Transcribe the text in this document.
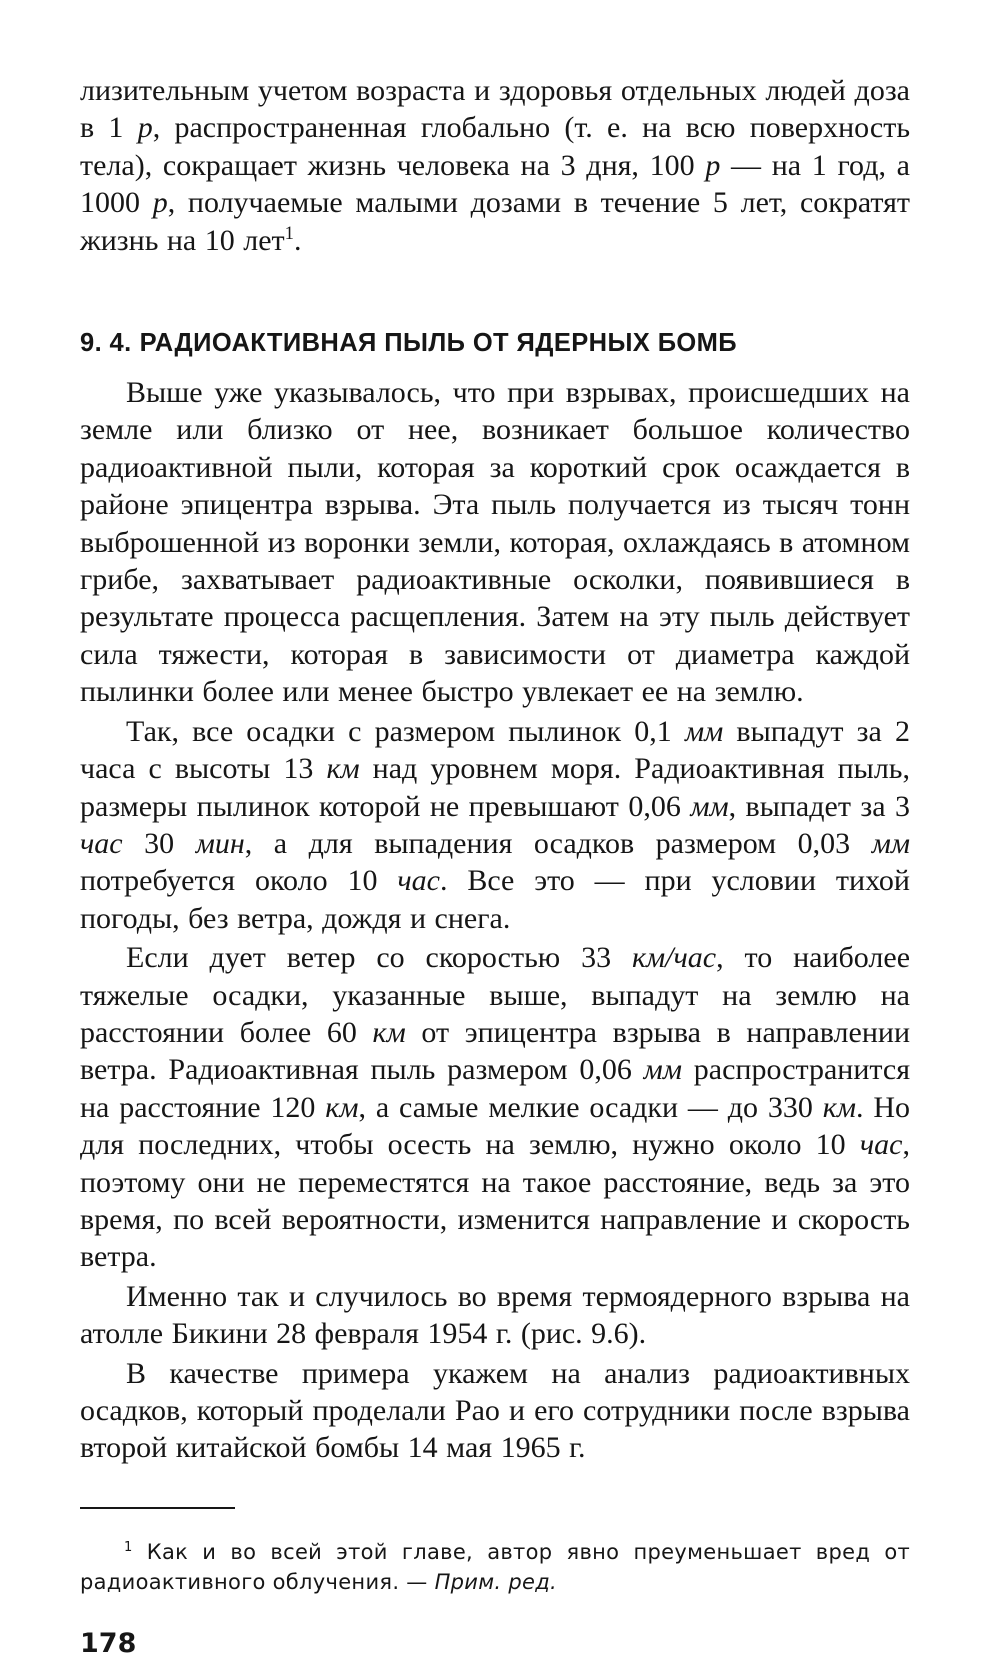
лизительным учетом возраста и здоровья отдельных людей доза в 1 р, распространенная глобально (т. е. на всю поверхность тела), сокращает жизнь человека на 3 дня, 100 р — на 1 год, а 1000 р, получаемые малыми дозами в течение 5 лет, сократят жизнь на 10 лет$^1$.

9. 4. РАДИОАКТИВНАЯ ПЫЛЬ ОТ ЯДЕРНЫХ БОМБ

Выше уже указывалось, что при взрывах, происшедших на земле или близко от нее, возникает большое количество радиоактивной пыли, которая за короткий срок осаждается в районе эпицентра взрыва. Эта пыль получается из тысяч тонн выброшенной из воронки земли, которая, охлаждаясь в атомном грибе, захватывает радиоактивные осколки, появившиеся в результате процесса расщепления. Затем на эту пыль действует сила тяжести, которая в зависимости от диаметра каждой пылинки более или менее быстро увлекает ее на землю.

Так, все осадки с размером пылинок 0,1 мм выпадут за 2 часа с высоты 13 км над уровнем моря. Радиоактивная пыль, размеры пылинок которой не превышают 0,06 мм, выпадет за 3 час 30 мин, а для выпадения осадков размером 0,03 мм потребуется около 10 час. Все это — при условии тихой погоды, без ветра, дождя и снега.

Если дует ветер со скоростью 33 км/час, то наиболее тяжелые осадки, указанные выше, выпадут на землю на расстоянии более 60 км от эпицентра взрыва в направлении ветра. Радиоактивная пыль размером 0,06 мм распространится на расстояние 120 км, а самые мелкие осадки — до 330 км. Но для последних, чтобы осесть на землю, нужно около 10 час, поэтому они не переместятся на такое расстояние, ведь за это время, по всей вероятности, изменится направление и скорость ветра.

Именно так и случилось во время термоядерного взрыва на атолле Бикини 28 февраля 1954 г. (рис. 9.6).

В качестве примера укажем на анализ радиоактивных осадков, который проделали Рао и его сотрудники после взрыва второй китайской бомбы 14 мая 1965 г.

$^1$ Как и во всей этой главе, автор явно преуменьшает вред от радиоактивного облучения. — Прим. ред.
178
